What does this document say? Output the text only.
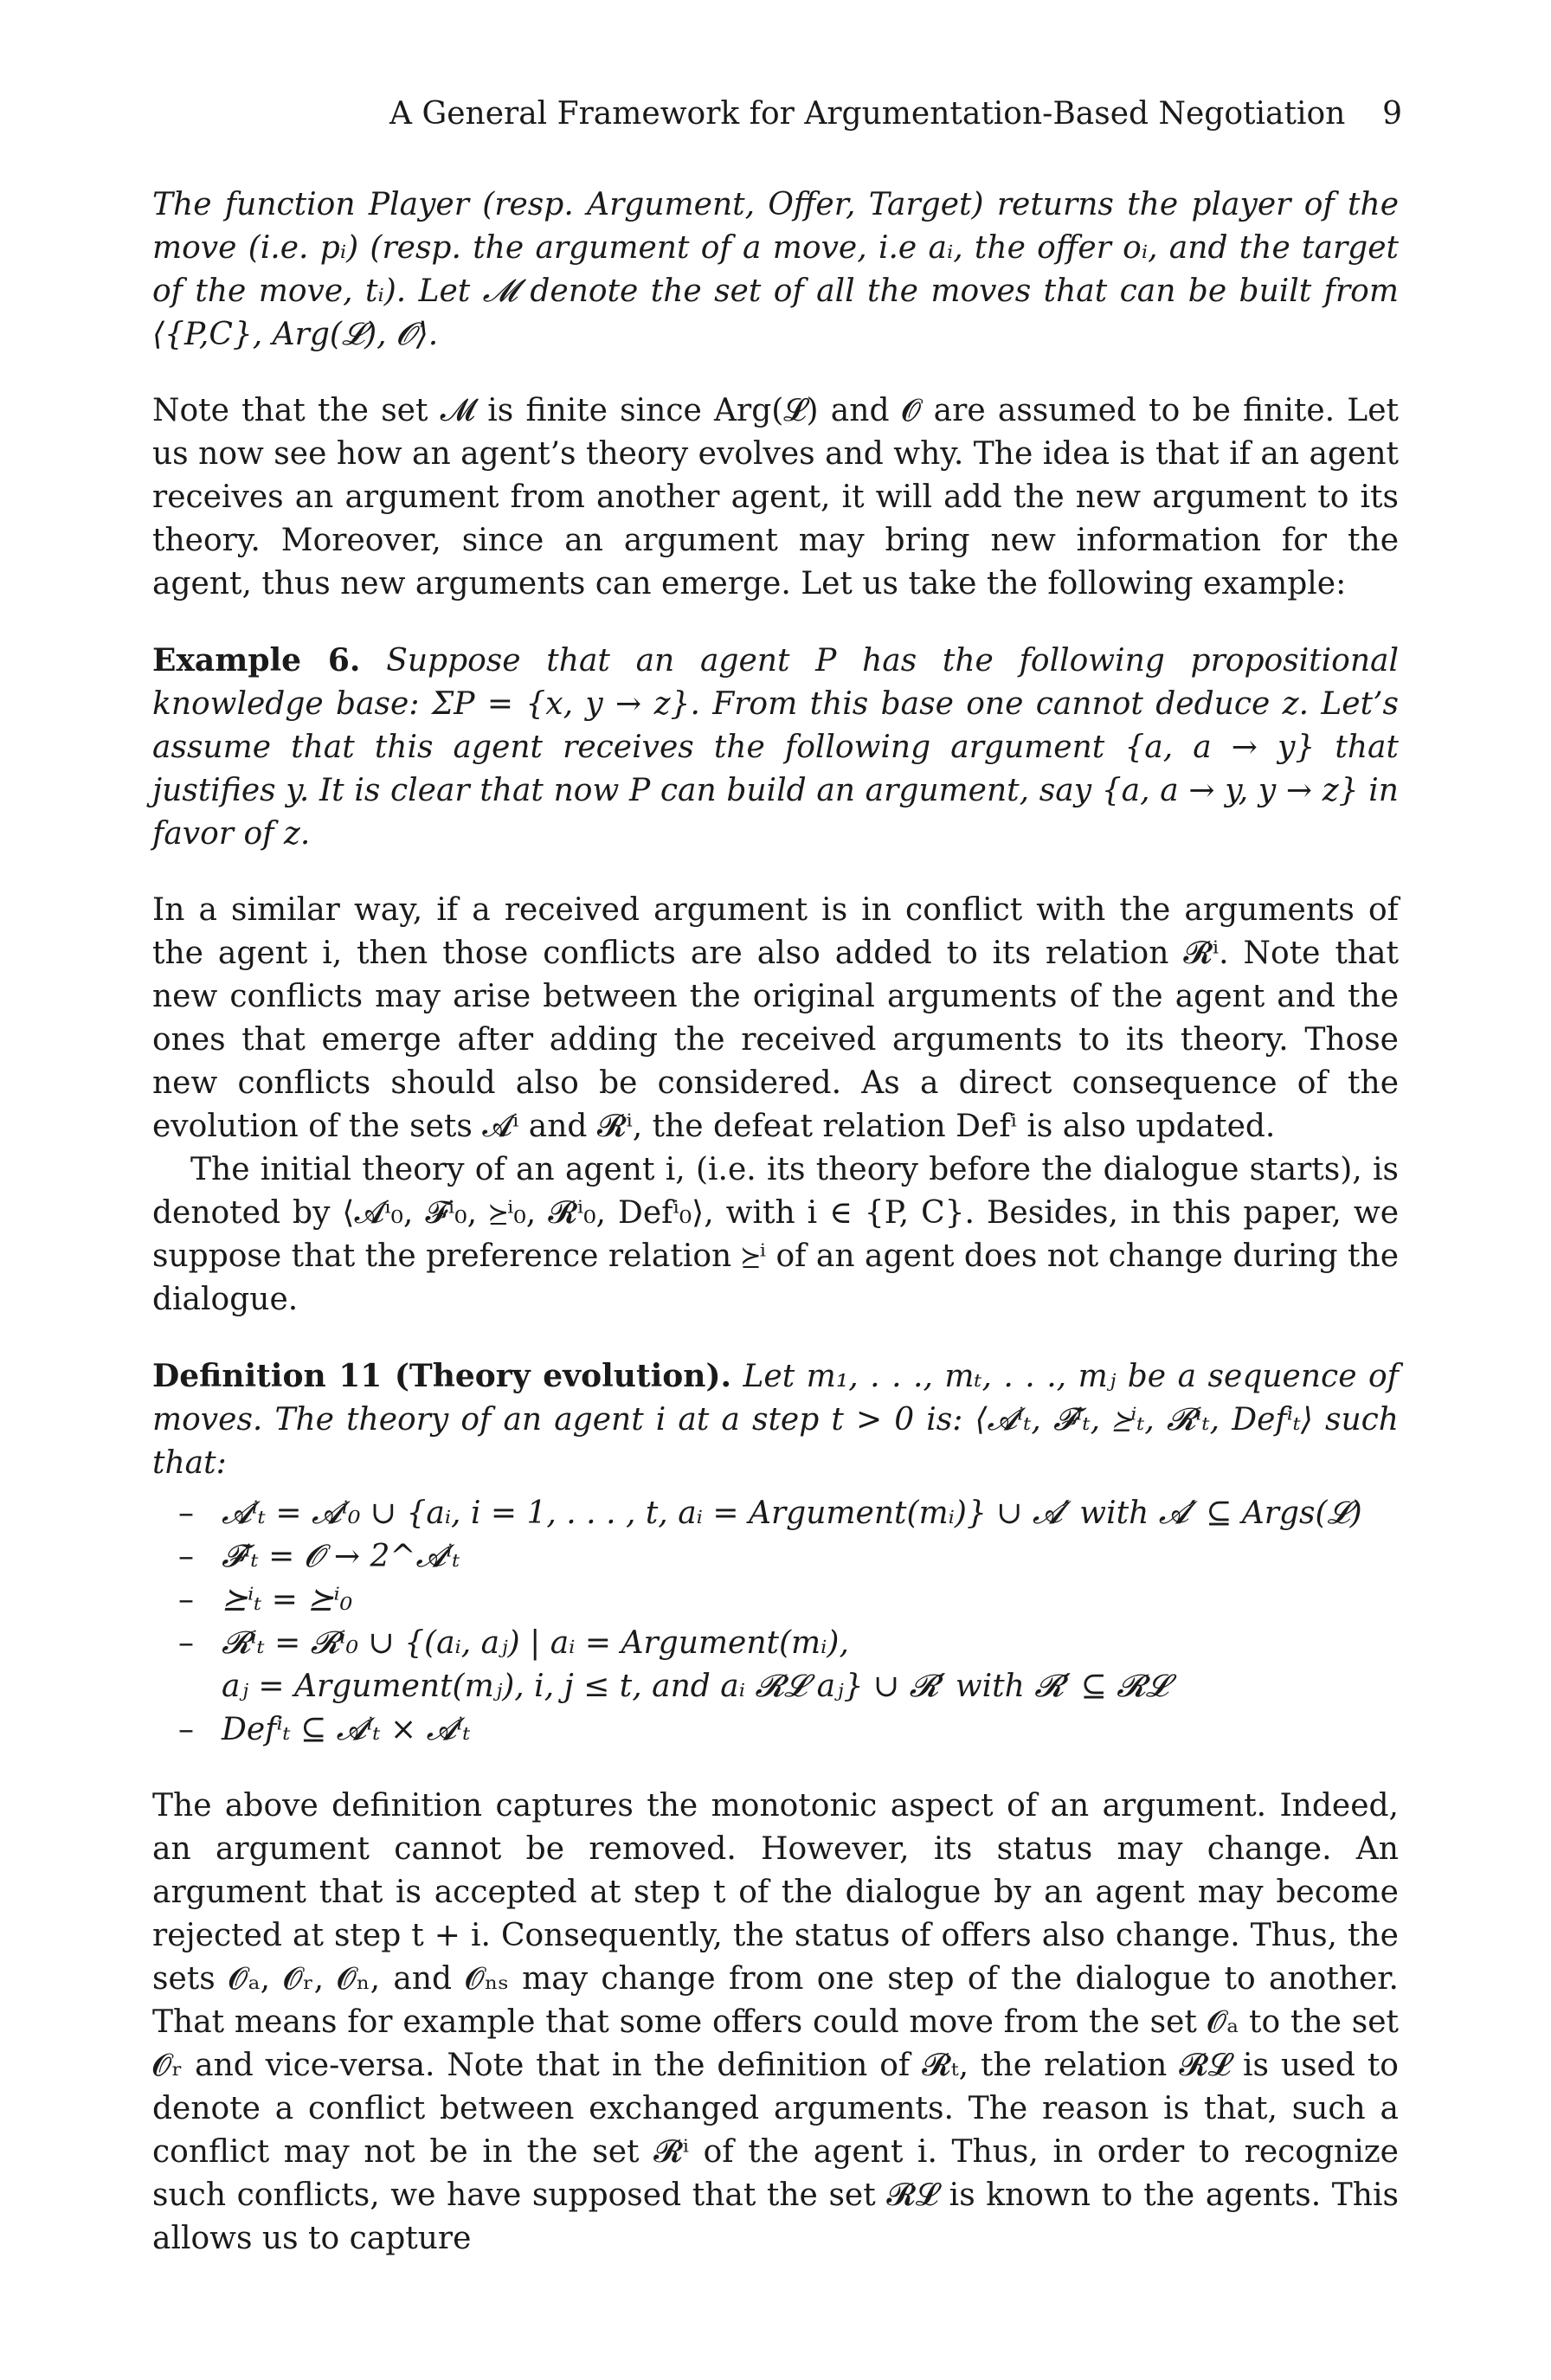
A General Framework for Argumentation-Based Negotiation 9

The function Player (resp. Argument, Offer, Target) returns the player of the move (i.e. pᵢ) (resp. the argument of a move, i.e aᵢ, the offer oᵢ, and the target of the move, tᵢ). Let 𝓜 denote the set of all the moves that can be built from ⟨{P,C}, Arg(𝓛), 𝓞⟩.

Note that the set 𝓜 is finite since Arg(𝓛) and 𝓞 are assumed to be finite. Let us now see how an agent’s theory evolves and why. The idea is that if an agent receives an argument from another agent, it will add the new argument to its theory. Moreover, since an argument may bring new information for the agent, thus new arguments can emerge. Let us take the following example:

Example 6. Suppose that an agent P has the following propositional knowledge base: ΣP = {x, y → z}. From this base one cannot deduce z. Let’s assume that this agent receives the following argument {a, a → y} that justifies y. It is clear that now P can build an argument, say {a, a → y, y → z} in favor of z.

In a similar way, if a received argument is in conflict with the arguments of the agent i, then those conflicts are also added to its relation 𝓡ⁱ. Note that new conflicts may arise between the original arguments of the agent and the ones that emerge after adding the received arguments to its theory. Those new conflicts should also be considered. As a direct consequence of the evolution of the sets 𝓐ⁱ and 𝓡ⁱ, the defeat relation Defⁱ is also updated.

The initial theory of an agent i, (i.e. its theory before the dialogue starts), is denoted by ⟨𝓐ⁱ₀, 𝓕ⁱ₀, ⪰ⁱ₀, 𝓡ⁱ₀, Defⁱ₀⟩, with i ∈ {P, C}. Besides, in this paper, we suppose that the preference relation ⪰ⁱ of an agent does not change during the dialogue.

Definition 11 (Theory evolution). Let m₁, . . ., mₜ, . . ., mⱼ be a sequence of moves. The theory of an agent i at a step t > 0 is: ⟨𝓐ⁱₜ, 𝓕ⁱₜ, ⪰ⁱₜ, 𝓡ⁱₜ, Defⁱₜ⟩ such that:

– 𝓐ⁱₜ = 𝓐ⁱ₀ ∪ {aᵢ, i = 1, . . . , t, aᵢ = Argument(mᵢ)} ∪ 𝓐′ with 𝓐′ ⊆ Args(𝓛)
– 𝓕ⁱₜ = 𝓞 → 2^𝓐ⁱₜ
– ⪰ⁱₜ = ⪰ⁱ₀
– 𝓡ⁱₜ = 𝓡ⁱ₀ ∪ {(aᵢ, aⱼ) | aᵢ = Argument(mᵢ),
aⱼ = Argument(mⱼ), i, j ≤ t, and aᵢ 𝓡𝓛 aⱼ} ∪ 𝓡′ with 𝓡′ ⊆ 𝓡𝓛
– Defⁱₜ ⊆ 𝓐ⁱₜ × 𝓐ⁱₜ

The above definition captures the monotonic aspect of an argument. Indeed, an argument cannot be removed. However, its status may change. An argument that is accepted at step t of the dialogue by an agent may become rejected at step t + i. Consequently, the status of offers also change. Thus, the sets 𝓞ₐ, 𝓞ᵣ, 𝓞ₙ, and 𝓞ₙₛ may change from one step of the dialogue to another. That means for example that some offers could move from the set 𝓞ₐ to the set 𝓞ᵣ and vice-versa. Note that in the definition of 𝓡ₜ, the relation 𝓡𝓛 is used to denote a conflict between exchanged arguments. The reason is that, such a conflict may not be in the set 𝓡ⁱ of the agent i. Thus, in order to recognize such conflicts, we have supposed that the set 𝓡𝓛 is known to the agents. This allows us to capture
